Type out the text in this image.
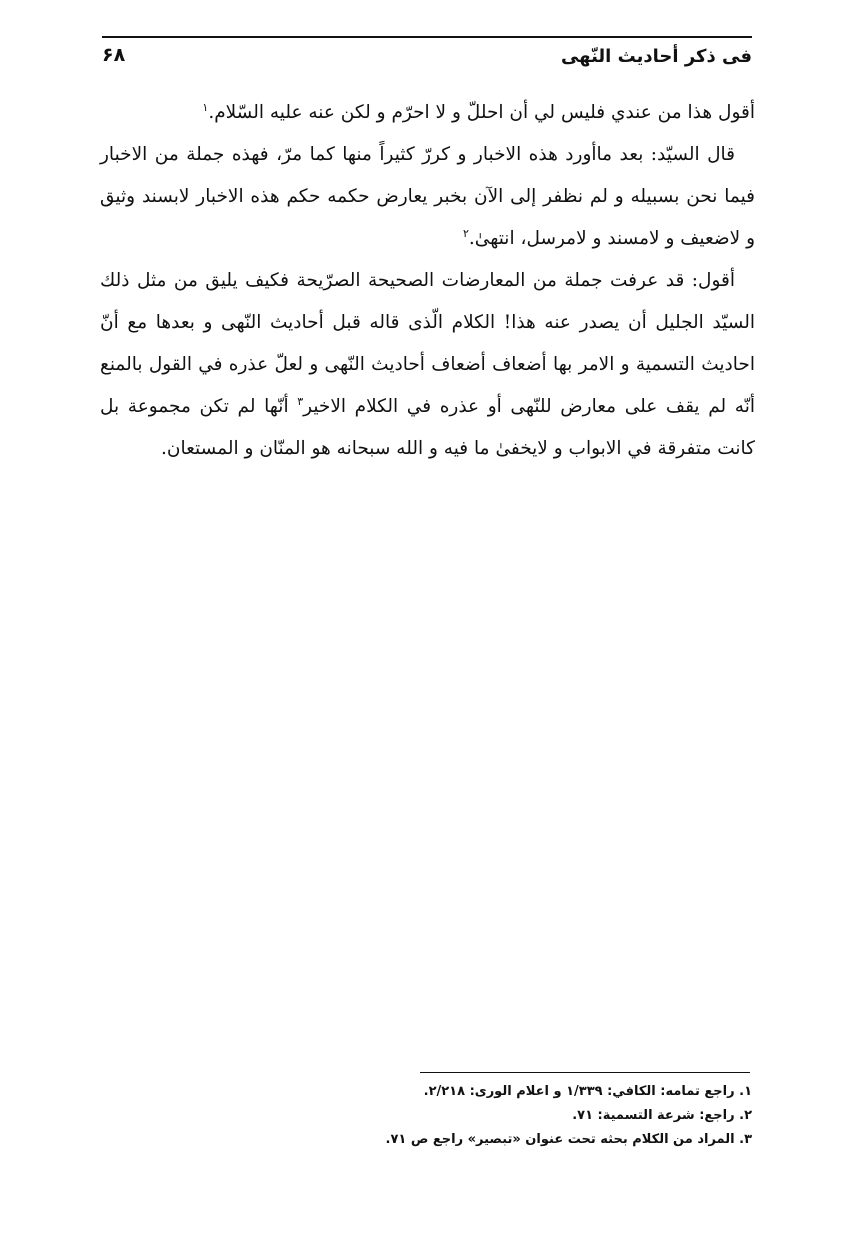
فى ذكر أحاديث النّهى
۶۸

أقول هذا من عندي فليس لي أن احللّ و لا احرّم و لكن عنه عليه السّلام.$^١$

قال السيّد: بعد ماأورد هذه الاخبار و كررّ كثيراً منها كما مرّ، فهذه جملة من الاخبار فيما نحن بسبيله و لم نظفر إلى الآن بخبر يعارض حكمه حكم هذه الاخبار لابسند وثيق و لاضعيف و لامسند و لامرسل، انتهىٰ.$^٢$

أقول: قد عرفت جملة من المعارضات الصحيحة الصرّيحة فكيف يليق من مثل ذلك السيّد الجليل أن يصدر عنه هذا! الكلام الّذى قاله قبل أحاديث النّهى و بعدها مع أنّ احاديث التسمية و الامر بها أضعاف أضعاف أحاديث النّهى و لعلّ عذره في القول بالمنع أنّه لم يقف على معارض للنّهى أو عذره في الكلام الاخير$^٣$ أنّها لم تكن مجموعة بل كانت متفرقة في الابواب و لايخفىٰ ما فيه و الله سبحانه هو المنّان و المستعان.

١. راجع تمامه: الكافي: ١/٣٣٩ و اعلام الورى: ٢/٢١٨.
٢. راجع: شرعة التسمية: ٧١.
٣. المراد من الكلام بحثه تحت عنوان «تبصير» راجع ص ٧١.
